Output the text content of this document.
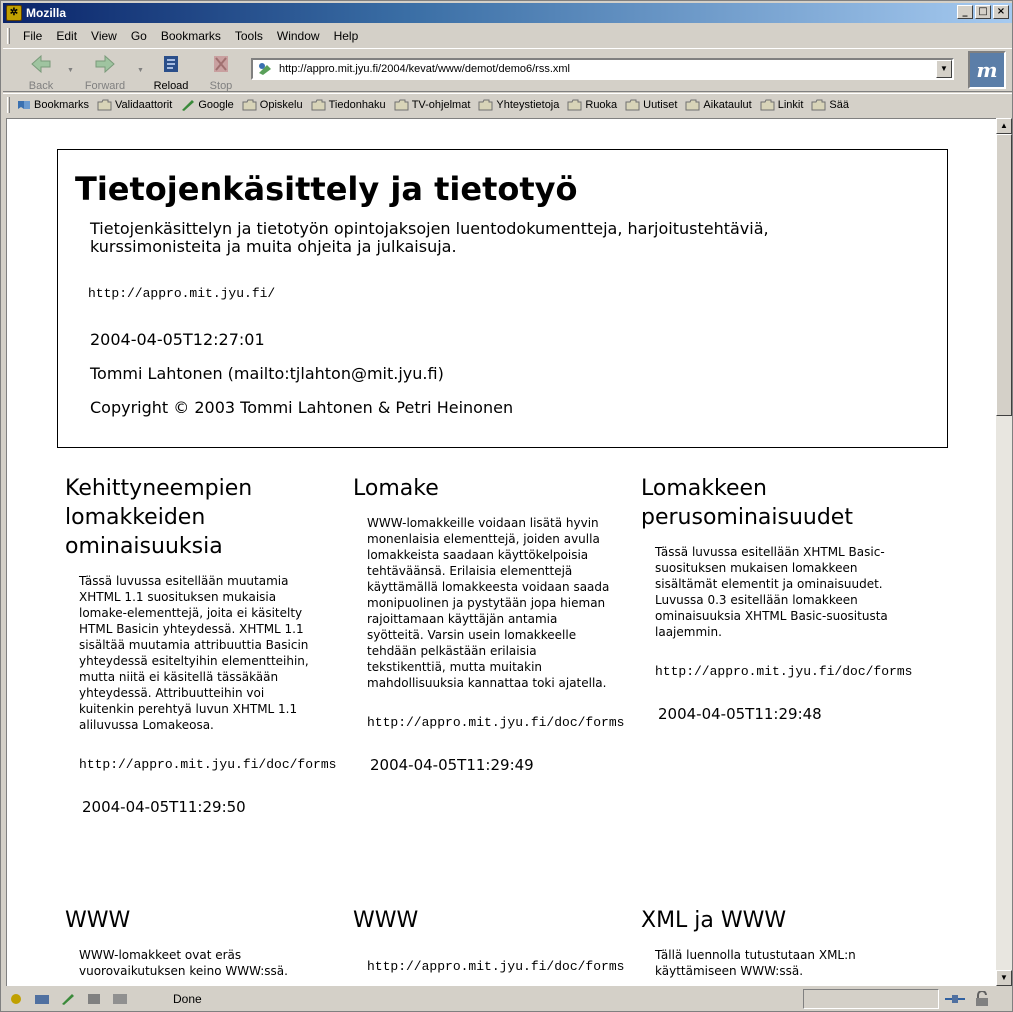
✲ Mozilla	_	□ ×
File	Edit	View	Go	Bookmarks	Tools	Window	Help
Back
▼
Forward
▼
Reload	Stop
http://appro.mit.jyu.fi/2004/kevat/www/demot/demo6/rss.xml	▼	m
Bookmarks Validaattorit Google Opiskelu Tiedonhaku TV-ohjelmat Yhteystietoja Ruoka Uutiset Aikataulut Linkit Sää
Tietojenkäsittely ja tietotyö
Tietojenkäsittelyn ja tietotyön opintojaksojen luentodokumentteja, harjoitustehtäviä, kurssimonisteita ja muita ohjeita ja julkaisuja.
http://appro.mit.jyu.fi/
2004-04-05T12:27:01
Tommi Lahtonen (mailto:tjlahton@mit.jyu.fi)
Copyright © 2003 Tommi Lahtonen & Petri Heinonen
Kehittyneempien lomakkeiden ominaisuuksia
Tässä luvussa esitellään muutamia XHTML 1.1 suosituksen mukaisia lomake-elementtejä, joita ei käsitelty HTML Basicin yhteydessä. XHTML 1.1 sisältää muutamia attribuuttia Basicin yhteydessä esiteltyihin elementteihin, mutta niitä ei käsitellä tässäkään yhteydessä. Attribuutteihin voi kuitenkin perehtyä luvun XHTML 1.1 aliluvussa Lomakeosa.
http://appro.mit.jyu.fi/doc/forms
2004-04-05T11:29:50
Lomake
WWW-lomakkeille voidaan lisätä hyvin monenlaisia elementtejä, joiden avulla lomakkeista saadaan käyttökelpoisia tehtäväänsä. Erilaisia elementtejä käyttämällä lomakkeesta voidaan saada monipuolinen ja pystytään jopa hieman rajoittamaan käyttäjän antamia syötteitä. Varsin usein lomakkeelle tehdään pelkästään erilaisia tekstikenttiä, mutta muitakin mahdollisuuksia kannattaa toki ajatella.
http://appro.mit.jyu.fi/doc/forms
2004-04-05T11:29:49
Lomakkeen perusominaisuudet
Tässä luvussa esitellään XHTML Basic-suosituksen mukaisen lomakkeen sisältämät elementit ja ominaisuudet. Luvussa 0.3 esitellään lomakkeen ominaisuuksia XHTML Basic-suositusta laajemmin.
http://appro.mit.jyu.fi/doc/forms
2004-04-05T11:29:48
WWW
WWW-lomakkeet ovat eräs vuorovaikutuksen keino WWW:ssä.
WWW
http://appro.mit.jyu.fi/doc/forms
XML ja WWW
Tällä luennolla tutustutaan XML:n käyttämiseen WWW:ssä.
▲
▼
Done
